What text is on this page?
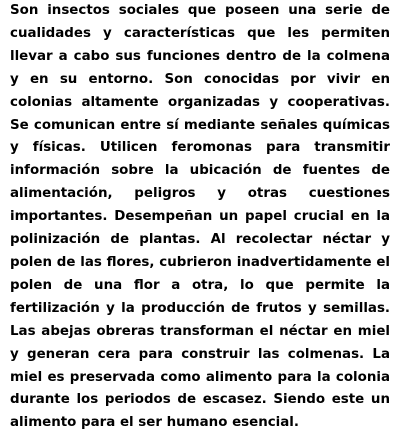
Son insectos sociales que poseen una serie de cualidades y características que les permiten llevar a cabo sus funciones dentro de la colmena y en su entorno. Son conocidas por vivir en colonias altamente organizadas y cooperativas. Se comunican entre sí mediante señales químicas y físicas. Utilicen feromonas para transmitir información sobre la ubicación de fuentes de alimentación, peligros y otras cuestiones importantes. Desempeñan un papel crucial en la polinización de plantas. Al recolectar néctar y polen de las flores, cubrieron inadvertidamente el polen de una flor a otra, lo que permite la fertilización y la producción de frutos y semillas. Las abejas obreras transforman el néctar en miel y generan cera para construir las colmenas. La miel es preservada como alimento para la colonia durante los periodos de escasez. Siendo este un alimento para el ser humano esencial.
